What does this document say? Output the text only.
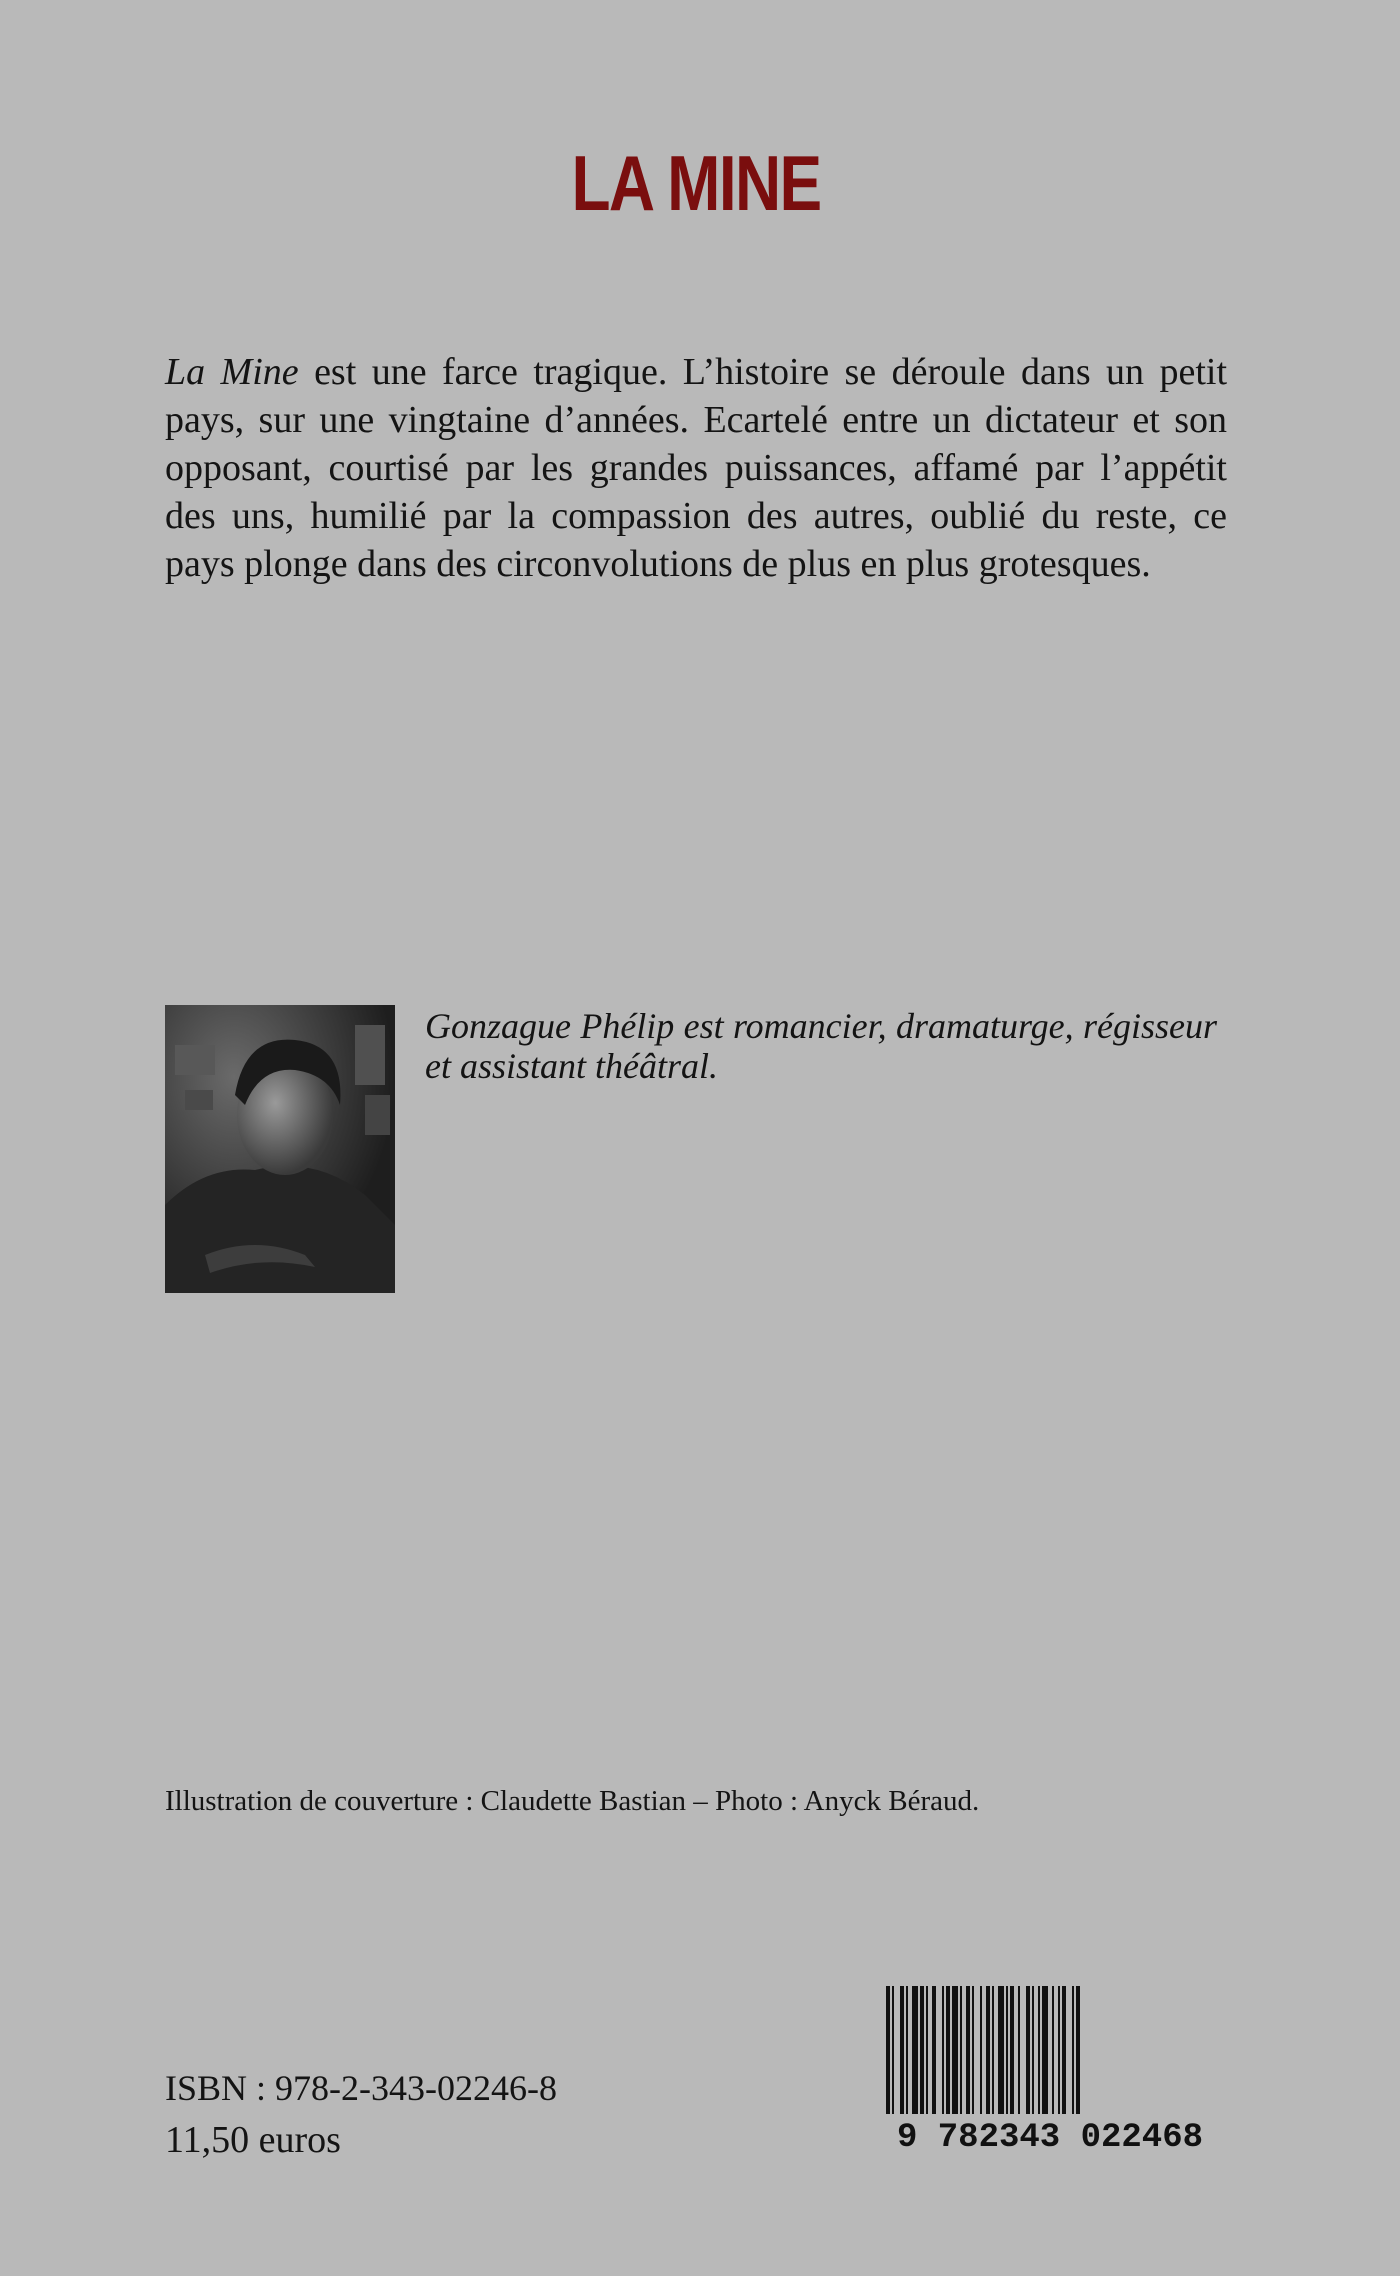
LA MINE

La Mine est une farce tragique. L’histoire se déroule dans un petit pays, sur une vingtaine d’années. Ecartelé entre un dictateur et son opposant, courtisé par les grandes puissances, affamé par l’appétit des uns, humilié par la compassion des autres, oublié du reste, ce pays plonge dans des circonvolutions de plus en plus grotesques.

Gonzague Phélip est romancier, dramaturge, régisseur et assistant théâtral.

Illustration de couverture : Claudette Bastian – Photo : Anyck Béraud.

ISBN : 978-2-343-02246-8

11,50 euros	9 782343 022468
